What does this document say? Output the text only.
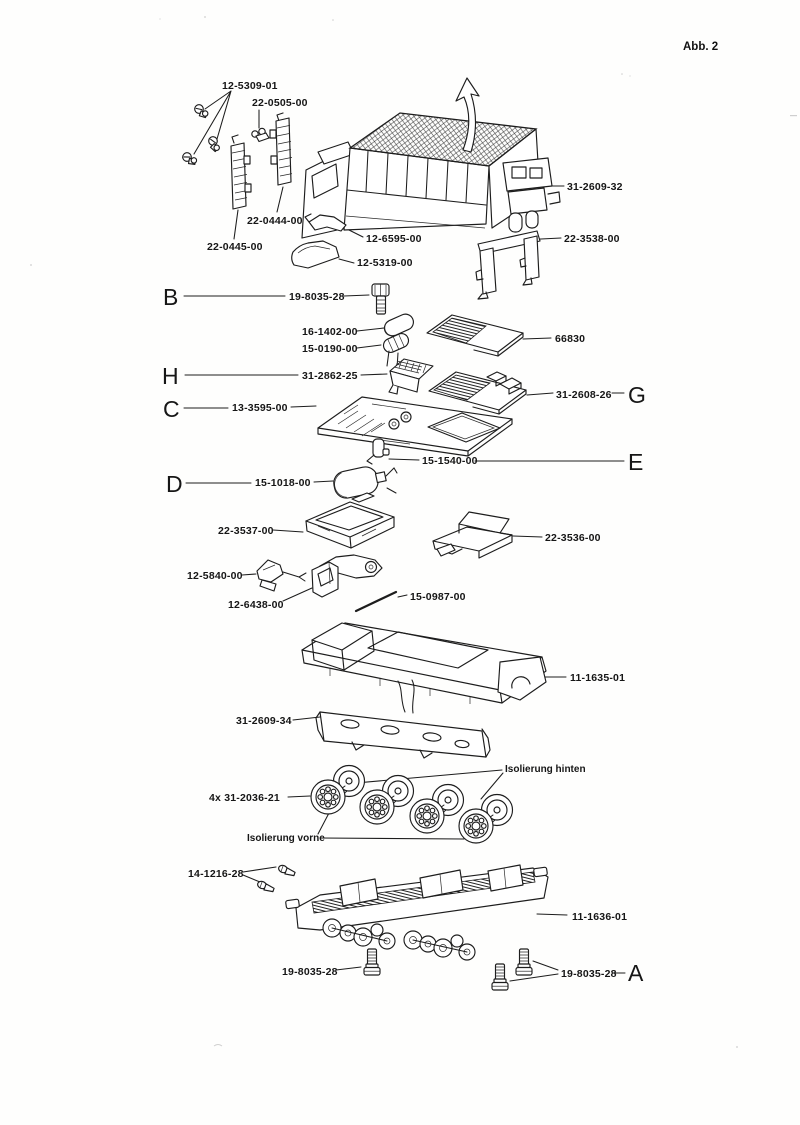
Abb. 2
12-5309-01
22-0505-00
22-0444-00
22-0445-00
31-2609-32
12-6595-00	22-3538-00
12-5319-00
B	19-8035-28
16-1402-00
15-0190-00
66830
H	31-2862-25
31-2608-26 G
C	13-3595-00
15-1540-00	E
D	15-1018-00
22-3537-00
22-3536-00
12-5840-00
12-6438-00
15-0987-00
11-1635-01
31-2609-34
Isolierung hinten
4x 31-2036-21
Isolierung vorne
14-1216-28
11-1636-01
19-8035-28	19-8035-28 A
